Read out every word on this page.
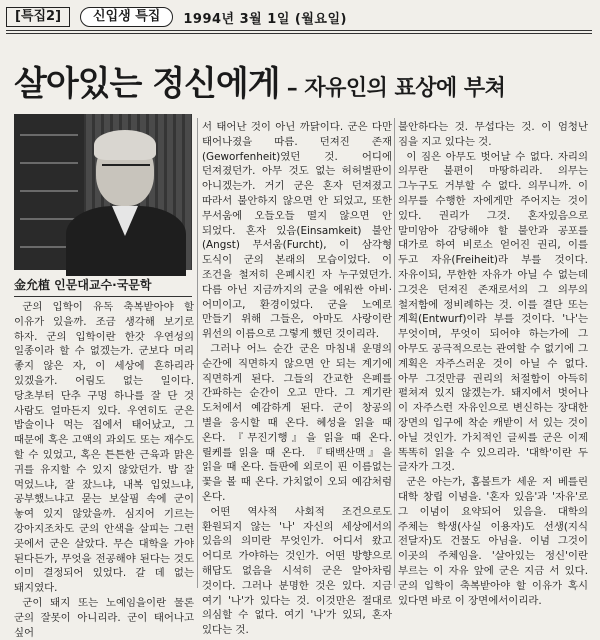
[특집2]	신입생 특집	1994년 3월 1일 (월요일)
살아있는 정신에게 – 자유인의 표상에 부쳐
金允植 인문대교수·국문학

군의 입학이 유독 축복받아야 할 이유가 있을까. 조금 생각해 보기로 하자. 군의 입학이란 한갓 우연성의 일종이라 할 수 없겠는가. 군보다 머리 좋지 않은 자, 이 세상에 흔하리라 있겠을가. 어림도 없는 일이다. 당초부터 단추 구멍 하나를 잘 단 것 사람도 얼마든지 있다. 우연히도 군은 밥술이나 먹는 집에서 태어났고, 그 때문에 혹은 고액의 과외도 또는 재수도 할 수 있었고, 혹은 튼튼한 근육과 맑은 귀를 유지할 수 있지 않았던가. 밥 잘 먹었느냐, 잘 잤느냐, 내복 입었느냐, 공부했느냐고 묻는 보살핌 속에 군이 놓여 있지 않았을까. 심지어 기르는 강아지조차도 군의 안색을 살피는 그런 곳에서 군은 살았다. 무슨 대학을 가야 된다든가, 무엇을 전공해야 된다는 것도 이미 결정되어 있었다. 갈 데 없는 돼지였다.

군이 돼지 또는 노예임을이란 물론 군의 잘못이 아니리라. 군이 태어나고 싶어

서 태어난 것이 아닌 까닭이다. 군은 다만 태어나졌을 따름. 던져진 존재(Geworfenheit)였던 것. 어디에 던져졌던가. 아무 것도 없는 허허벌판이 아니겠는가. 거기 군은 혼자 던져졌고 따라서 불안하지 않으면 안 되었고, 또한 무서움에 오들오들 떨지 않으면 안 되었다. 혼자 있음(Einsamkeit) 불안(Angst) 무서움(Furcht), 이 삼각형 도식이 군의 본래의 모습이었다. 이 조건을 철저히 은폐시킨 자 누구였던가. 다름 아닌 지금까지의 군을 에워싼 아비·어미이고, 환경이었다. 군을 노예로 만들기 위해 그들은, 아마도 사랑이란 위선의 이름으로 그렇게 했던 것이리라.

그러나 어느 순간 군은 마침내 운명의 순간에 직면하지 않으면 안 되는 계기에 직면하게 된다. 그들의 간교한 은폐를 간파하는 순간이 오고 만다. 그 계기란 도처에서 예감하게 된다. 군이 창공의 별을 응시할 때 온다. 혜성을 읽을 때 온다. 『무진기행』을 읽을 때 온다. 릴케를 읽을 때 온다. 『태백산맥』을 읽을 때 온다. 들판에 외로이 핀 이름없는 꽃을 볼 때 온다. 가치없이 오되 예감처럼 온다.

어떤 역사적 사회적 조건으로도 환원되지 않는 '나' 자신의 세상에서의 있음의 의미란 무엇인가. 어디서 왔고 어디로 가야하는 것인가. 어떤 방향으로 해답도 없음을 시석히 군은 알아차림 것이다. 그러나 분명한 것은 있다. 지금 여기 '나'가 있다는 것. 이것만은 절대로 의심할 수 없다. 여기 '나'가 있되, 혼자 있다는 것.

불안하다는 것. 무섭다는 것. 이 엄청난 짐을 지고 있다는 것.

이 짐은 아무도 벗어날 수 없다. 자리의 의무란 불편이 마땅하리라. 의무는 그누구도 거부할 수 없다. 의무니까. 이 의무를 수행한 자에게만 주어지는 것이 있다. 권리가 그것. 혼자있음으로 말미암아 감당해야 할 불안과 공포를 대가로 하여 비로소 얻어진 권리, 이를 두고 자유(Freiheit)라 부를 것이다. 자유이되, 무한한 자유가 아닐 수 없는데 그것은 던져진 존재로서의 그 의무의 철저함에 정비례하는 것. 이를 결단 또는 계획(Entwurf)이라 부를 것이다. '나'는 무엇이며, 무엇이 되어야 하는가에 그 아무도 공극적으로는 관여할 수 없기에 그 계획은 자주스러운 것이 아닐 수 없다. 아무 그것만큼 권리의 처절함이 아득히 펼쳐져 있지 않겠는가. 돼지에서 벗어나 이 자주스런 자유인으로 변신하는 장대한 장면의 입구에 착순 캐받이 서 있는 것이 아닐 것인가. 가치적인 글씨를 군은 이제 똑똑히 읽을 수 있으리라. '대학'이란 두 글자가 그것.

군은 아는가, 홈볼트가 세운 저 베를린 대학 창립 이념을. '혼자 있음'과 '자유'로 그 이념이 요약되어 있음을. 대학의 주체는 학생(사실 이용자)도 선생(지식 전달자)도 건물도 아님을. 이념 그것이 이곳의 주체임을. '살아있는 정신'이란 부르는 이 자유 앞에 군은 지금 서 있다. 군의 입학이 축복받아야 할 이유가 혹시 있다면 바로 이 장면에서이리라.
